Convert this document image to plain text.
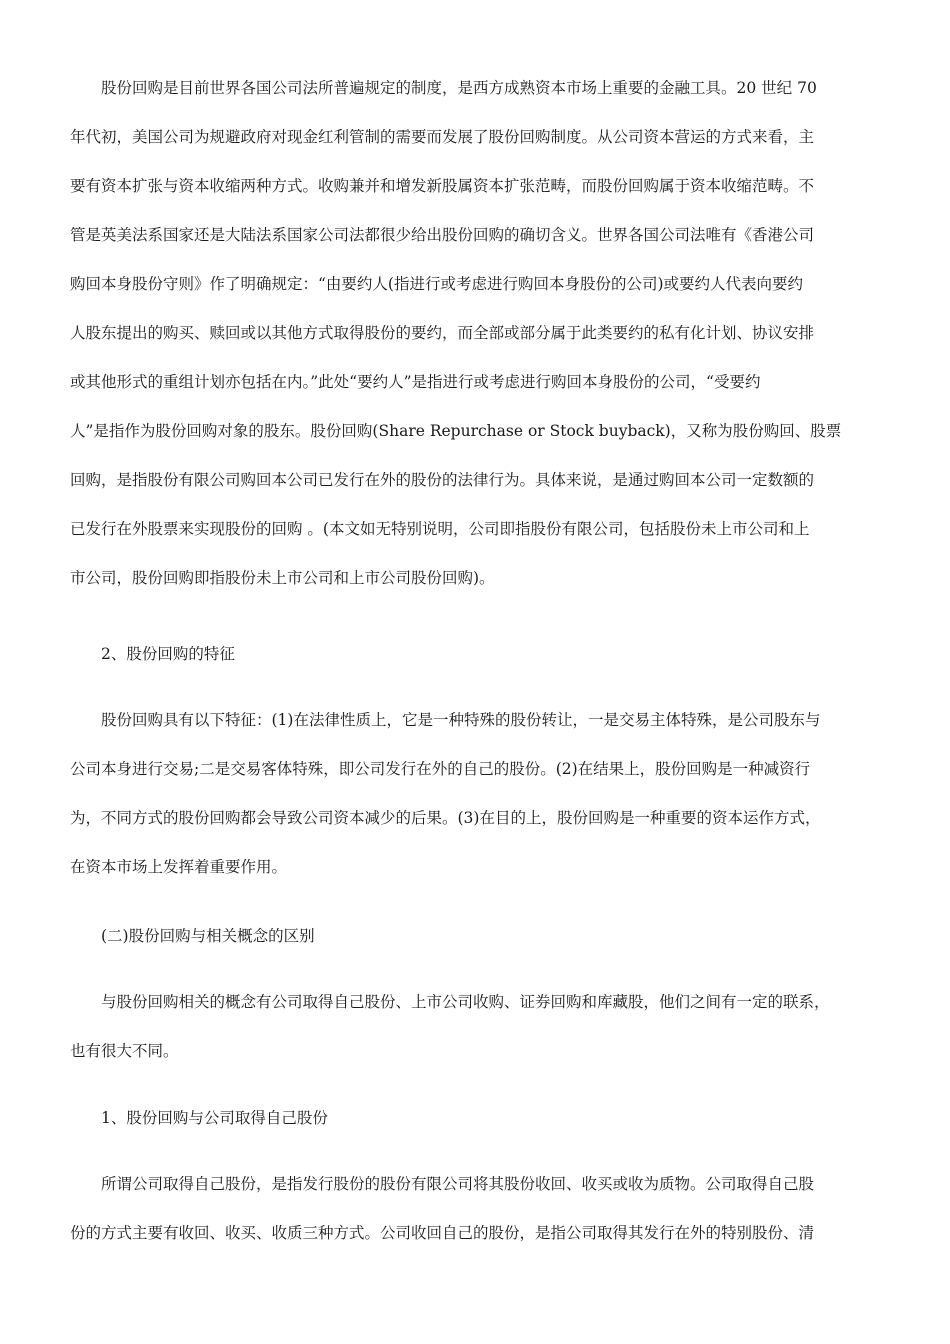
股份回购是目前世界各国公司法所普遍规定的制度，是西方成熟资本市场上重要的金融工具。20 世纪 70
年代初，美国公司为规避政府对现金红利管制的需要而发展了股份回购制度。从公司资本营运的方式来看，主
要有资本扩张与资本收缩两种方式。收购兼并和增发新股属资本扩张范畴，而股份回购属于资本收缩范畴。不
管是英美法系国家还是大陆法系国家公司法都很少给出股份回购的确切含义。世界各国公司法唯有《香港公司
购回本身股份守则》作了明确规定：“由要约人(指进行或考虑进行购回本身股份的公司)或要约人代表向要约
人股东提出的购买、赎回或以其他方式取得股份的要约，而全部或部分属于此类要约的私有化计划、协议安排
或其他形式的重组计划亦包括在内。”此处“要约人”是指进行或考虑进行购回本身股份的公司，“受要约
人”是指作为股份回购对象的股东。股份回购(Share Repurchase or Stock buyback)，又称为股份购回、股票
回购，是指股份有限公司购回本公司已发行在外的股份的法律行为。具体来说，是通过购回本公司一定数额的
已发行在外股票来实现股份的回购 。(本文如无特别说明，公司即指股份有限公司，包括股份未上市公司和上
市公司，股份回购即指股份未上市公司和上市公司股份回购)。
2、股份回购的特征
股份回购具有以下特征：(1)在法律性质上，它是一种特殊的股份转让，一是交易主体特殊，是公司股东与
公司本身进行交易;二是交易客体特殊，即公司发行在外的自己的股份。(2)在结果上，股份回购是一种减资行
为，不同方式的股份回购都会导致公司资本减少的后果。(3)在目的上，股份回购是一种重要的资本运作方式，
在资本市场上发挥着重要作用。
(二)股份回购与相关概念的区别
与股份回购相关的概念有公司取得自己股份、上市公司收购、证券回购和库藏股，他们之间有一定的联系，
也有很大不同。
1、股份回购与公司取得自己股份
所谓公司取得自己股份，是指发行股份的股份有限公司将其股份收回、收买或收为质物。公司取得自己股
份的方式主要有收回、收买、收质三种方式。公司收回自己的股份，是指公司取得其发行在外的特别股份、清
